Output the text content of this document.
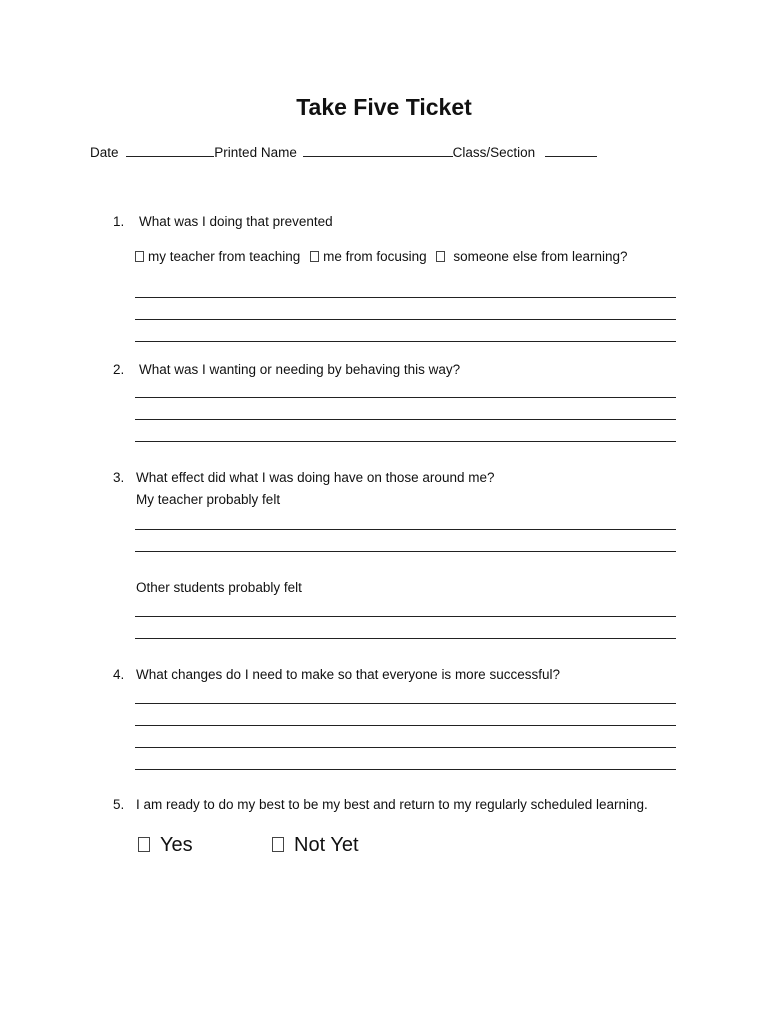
Take Five Ticket
Date	Printed Name	Class/Section
1. What was I doing that prevented
my teacher from teaching me from focusing someone else from learning?
2. What was I wanting or needing by behaving this way?
3. What effect did what I was doing have on those around me?
My teacher probably felt
Other students probably felt
4. What changes do I need to make so that everyone is more successful?
5. I am ready to do my best to be my best and return to my regularly scheduled learning.
Yes	Not Yet
